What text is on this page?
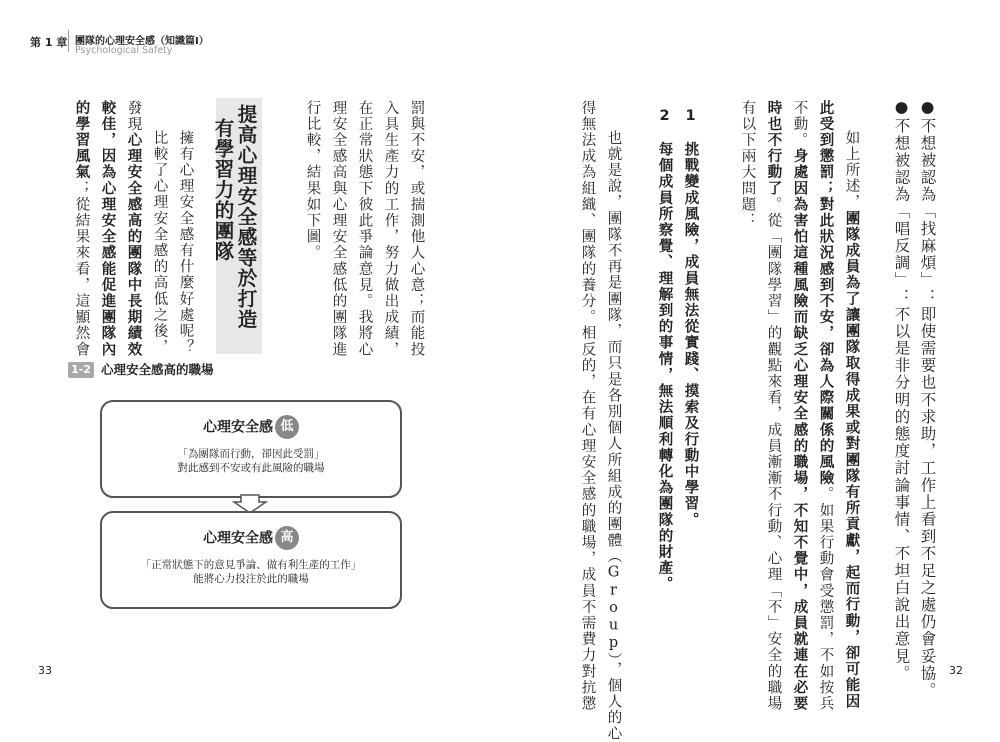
第 1 章 團隊的心理安全感（知識篇Ⅰ）
Psychological Safety
罰與不安，或揣測他人心意；而能投
入具生產力的工作，努力做出成績，
在正常狀態下彼此爭論意見。我將心
理安全感高與心理安全感低的團隊進
行比較，結果如下圖。
提高心理安全感等於打造
有學習力的團隊
擁有心理安全感有什麼好處呢？
比較了心理安全感的高低之後，
發現心理安全感高的團隊中長期績效
較佳，因為心理安全感能促進團隊內
的學習風氣；從結果來看，這顯然會
1-2 心理安全感高的職場
心理安全感 低
「為團隊而行動，卻因此受罰」
對此感到不安或有此風險的職場
心理安全感 高
「正常狀態下的意見爭論、做有利生產的工作」
能將心力投注於此的職場
33	●不想被認為「找麻煩」：即使需要也不求助，工作上看到不足之處仍會妥協。
●不想被認為「唱反調」：不以是非分明的態度討論事情、不坦白說出意見。
如上所述，團隊成員為了讓團隊取得成果或對團隊有所貢獻，起而行動，卻可能因
此受到懲罰；對此狀況感到不安，卻為人際關係的風險。如果行動會受懲罰，不如按兵
不動。身處因為害怕這種風險而缺乏心理安全感的職場，不知不覺中，成員就連在必要
時也不行動了。從「團隊學習」的觀點來看，成員漸漸不行動、心理「不」安全的職場
有以下兩大問題：
1　挑戰變成風險，成員無法從實踐、摸索及行動中學習。
2　每個成員所察覺、理解到的事情，無法順利轉化為團隊的財產。
也就是說，團隊不再是團隊，而只是各別個人所組成的團體（Group），個人的心
得無法成為組織、團隊的養分。相反的，在有心理安全感的職場，成員不需費力對抗懲	32
